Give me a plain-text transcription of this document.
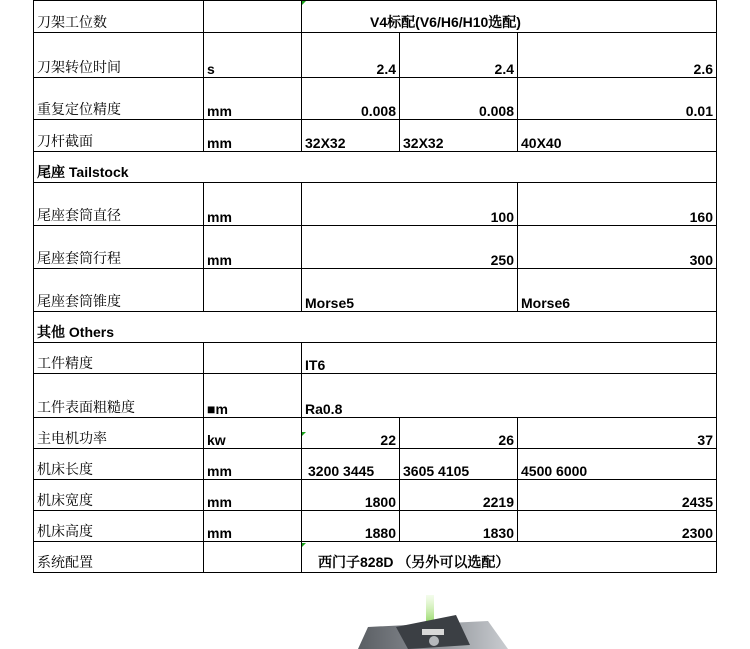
刀架工位数		V4标配(V6/H6/H10选配)		
刀架转位时间	s	2.4	2.4	2.6
重复定位精度	mm	0.008	0.008	0.01
刀杆截面	mm	32X32	32X32	40X40
尾座 Tailstock				
尾座套筒直径	mm	100		160
尾座套筒行程	mm	250		300
尾座套筒锥度		Morse5		Morse6
其他 Others				
工件精度		IT6		
工件表面粗糙度	■m	Ra0.8		
主电机功率	kw	22	26	37
机床长度	mm	3200 3445	3605 4105	4500 6000
机床宽度	mm	1800	2219	2435
机床高度	mm	1880	1830	2300
系统配置		西门子828D （另外可以选配）		
